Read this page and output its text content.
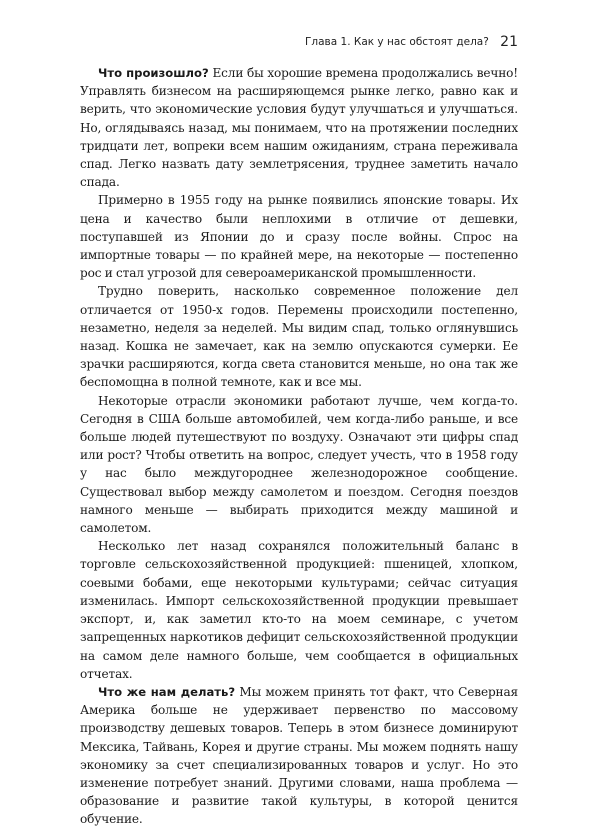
Глава 1. Как у нас обстоят дела? 21

Что произошло? Если бы хорошие времена продолжались вечно! Управлять бизнесом на расширяющемся рынке легко, равно как и верить, что экономические условия будут улучшаться и улучшаться. Но, оглядываясь назад, мы понимаем, что на протяжении последних тридцати лет, вопреки всем нашим ожиданиям, страна переживала спад. Легко назвать дату землетрясения, труднее заметить начало спада.

Примерно в 1955 году на рынке появились японские товары. Их цена и качество были неплохими в отличие от дешевки, поступавшей из Японии до и сразу после войны. Спрос на импортные товары — по крайней мере, на некоторые — постепенно рос и стал угрозой для североамериканской промышленности.

Трудно поверить, насколько современное положение дел отличается от 1950-х годов. Перемены происходили постепенно, незаметно, неделя за неделей. Мы видим спад, только оглянувшись назад. Кошка не замечает, как на землю опускаются сумерки. Ее зрачки расширяются, когда света становится меньше, но она так же беспомощна в полной темноте, как и все мы.

Некоторые отрасли экономики работают лучше, чем когда-то. Сегодня в США больше автомобилей, чем когда-либо раньше, и все больше людей путешествуют по воздуху. Означают эти цифры спад или рост? Чтобы ответить на вопрос, следует учесть, что в 1958 году у нас было междугороднее железнодорожное сообщение. Существовал выбор между самолетом и поездом. Сегодня поездов намного меньше — выбирать приходится между машиной и самолетом.

Несколько лет назад сохранялся положительный баланс в торговле сельскохозяйственной продукцией: пшеницей, хлопком, соевыми бобами, еще некоторыми культурами; сейчас ситуация изменилась. Импорт сельскохозяйственной продукции превышает экспорт, и, как заметил кто-то на моем семинаре, с учетом запрещенных наркотиков дефицит сельскохозяйственной продукции на самом деле намного больше, чем сообщается в официальных отчетах.

Что же нам делать? Мы можем принять тот факт, что Северная Америка больше не удерживает первенство по массовому производству дешевых товаров. Теперь в этом бизнесе доминируют Мексика, Тайвань, Корея и другие страны. Мы можем поднять нашу экономику за счет специализированных товаров и услуг. Но это изменение потребует знаний. Другими словами, наша проблема — образование и развитие такой культуры, в которой ценится обучение.
